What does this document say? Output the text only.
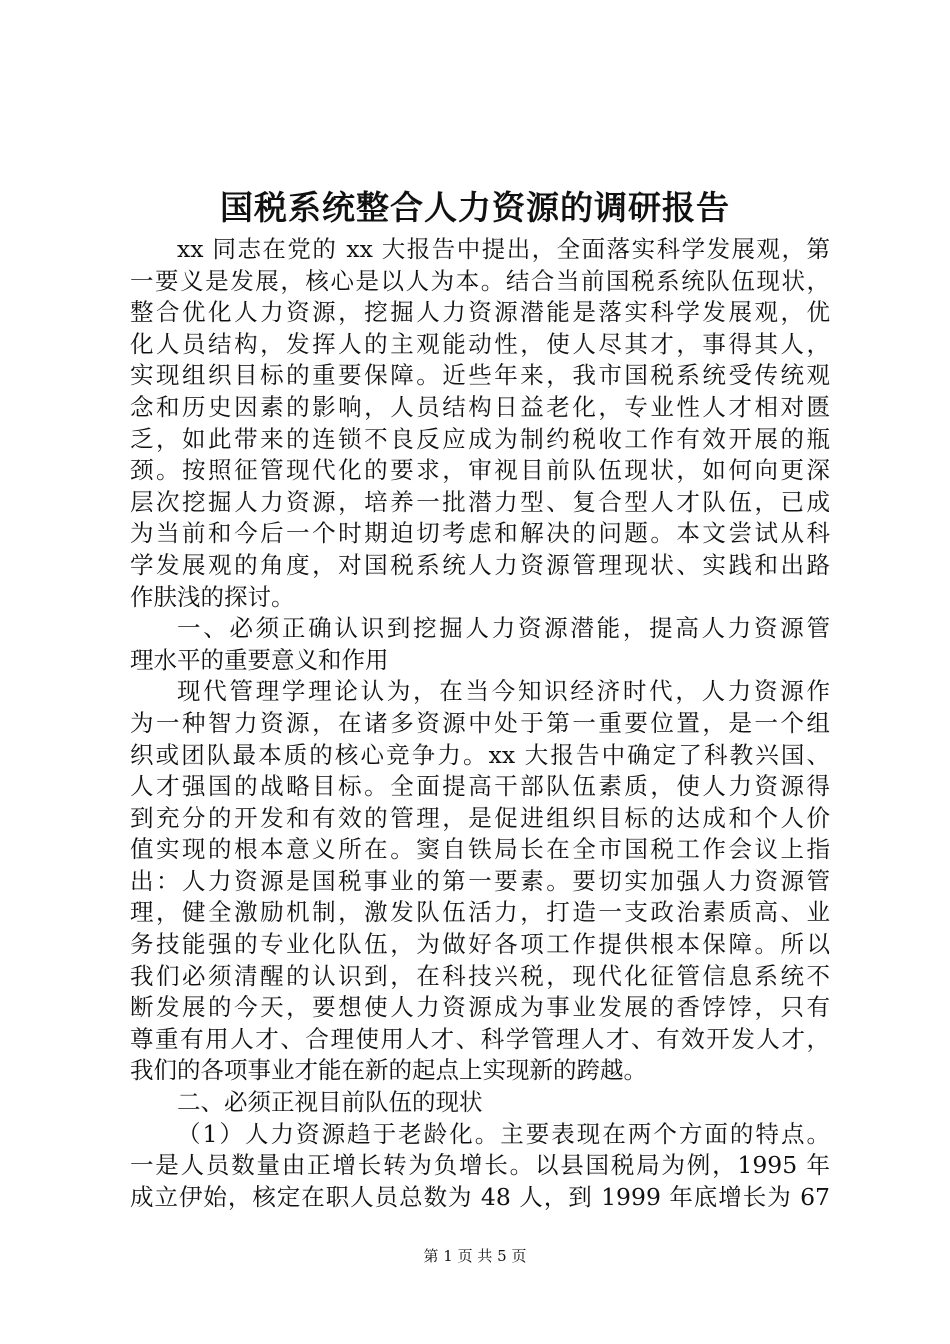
国税系统整合人力资源的调研报告
xx 同志在党的 xx 大报告中提出，全面落实科学发展观，第
一要义是发展，核心是以人为本。结合当前国税系统队伍现状，
整合优化人力资源，挖掘人力资源潜能是落实科学发展观，优
化人员结构，发挥人的主观能动性，使人尽其才，事得其人，
实现组织目标的重要保障。近些年来，我市国税系统受传统观
念和历史因素的影响，人员结构日益老化，专业性人才相对匮
乏，如此带来的连锁不良反应成为制约税收工作有效开展的瓶
颈。按照征管现代化的要求，审视目前队伍现状，如何向更深
层次挖掘人力资源，培养一批潜力型、复合型人才队伍，已成
为当前和今后一个时期迫切考虑和解决的问题。本文尝试从科
学发展观的角度，对国税系统人力资源管理现状、实践和出路
作肤浅的探讨。
一、必须正确认识到挖掘人力资源潜能，提高人力资源管
理水平的重要意义和作用
现代管理学理论认为，在当今知识经济时代，人力资源作
为一种智力资源，在诸多资源中处于第一重要位置，是一个组
织或团队最本质的核心竞争力。xx 大报告中确定了科教兴国、
人才强国的战略目标。全面提高干部队伍素质，使人力资源得
到充分的开发和有效的管理，是促进组织目标的达成和个人价
值实现的根本意义所在。窦自铁局长在全市国税工作会议上指
出：人力资源是国税事业的第一要素。要切实加强人力资源管
理，健全激励机制，激发队伍活力，打造一支政治素质高、业
务技能强的专业化队伍，为做好各项工作提供根本保障。所以
我们必须清醒的认识到，在科技兴税，现代化征管信息系统不
断发展的今天，要想使人力资源成为事业发展的香饽饽，只有
尊重有用人才、合理使用人才、科学管理人才、有效开发人才，
我们的各项事业才能在新的起点上实现新的跨越。
二、必须正视目前队伍的现状
（1）人力资源趋于老龄化。主要表现在两个方面的特点。
一是人员数量由正增长转为负增长。以县国税局为例，1995 年
成立伊始，核定在职人员总数为 48 人，到 1999 年底增长为 67
第 1 页 共 5 页
